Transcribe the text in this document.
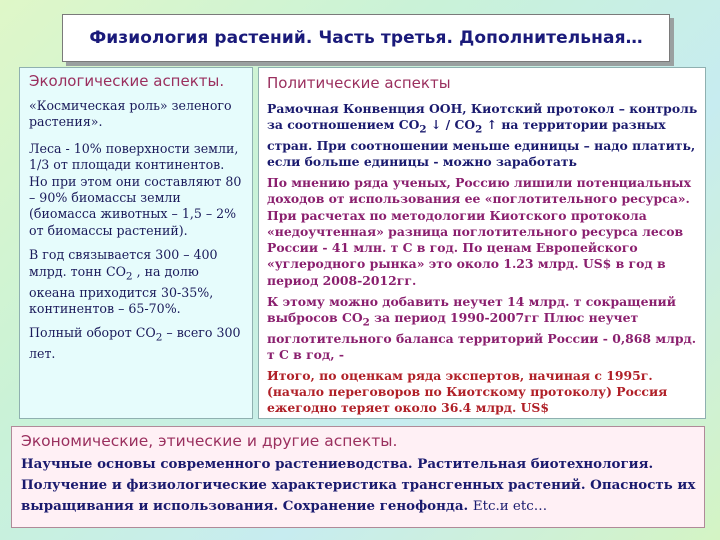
Физиология растений. Часть третья. Дополнительная…
Экологические аспекты.
«Космическая роль» зеленого растения».
Леса - 10% поверхности земли, 1/3 от площади континентов. Но при этом они составляют 80 – 90% биомассы земли (биомасса животных – 1,5 – 2% от биомассы растений).
В год связывается 300 – 400 млрд. тонн $CO_2$ , на долю океана приходится 30-35%, континентов – 65-70%.
Полный оборот $CO_2$ – всего 300 лет.
Политические аспекты
Рамочная Конвенция ООН, Киотский протокол – контроль за соотношением $CO_2$ ↓ / $CO_2$ ↑ на территории разных стран. При соотношении меньше единицы – надо платить, если больше единицы - можно заработать
По мнению ряда ученых, Россию лишили потенциальных доходов от использования ее «поглотительного ресурса». При расчетах по методологии Киотского протокола «недоучтенная» разница поглотительного ресурса лесов России - 41 млн. т С в год. По ценам Европейского «углеродного рынка» это около 1.23 млрд. US$ в год в период 2008-2012гг.
К этому можно добавить неучет 14 млрд. т сокращений выбросов $CO_2$ за период 1990-2007гг Плюс неучет поглотительного баланса территорий России - 0,868 млрд. т С в год, -
Итого, по оценкам ряда экспертов, начиная с 1995г. (начало переговоров по Киотскому протоколу) Россия ежегодно теряет около 36.4 млрд. US$
Экономические, этические и другие аспекты.
Научные основы современного растениеводства. Растительная биотехнология. Получение и физиологические характеристика трансгенных растений. Опасность их выращивания и использования. Сохранение генофонда. Etc.и etc…
